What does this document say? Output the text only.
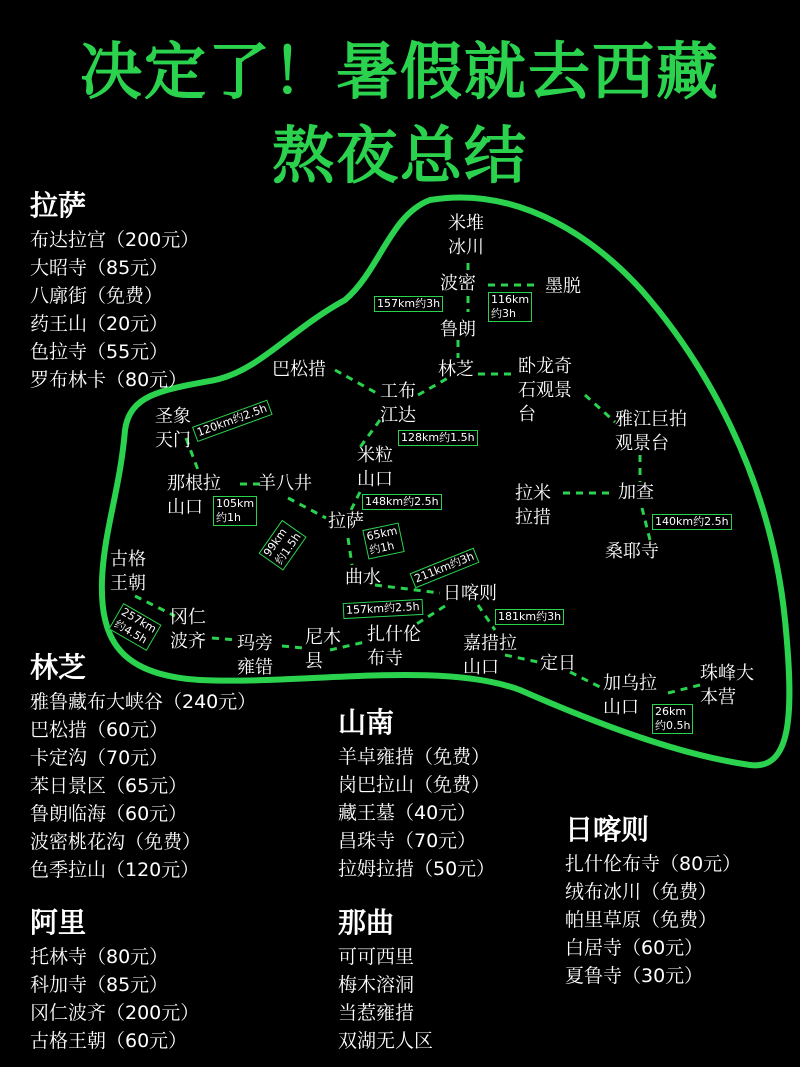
决定了！暑假就去西藏
熬夜总结
米堆
冰川
波密	墨脱
鲁朗
林芝
巴松措
工布
江达
卧龙奇
石观景
台	雅江巨拍
观景台
圣象
天门
米粒
山口
那根拉
山口
羊八井
拉萨
拉米
拉措
加查
桑耶寺
古格
王朝	曲水
日喀则
冈仁
波齐 玛旁
雍错
尼木
县
扎什伦
布寺
嘉措拉
山口	定日
加乌拉
山口
珠峰大
本营
157km约3h	116km
约3h
120km约2.5h	128km约1.5h
148km约2.5h
105km
约1h
99km
约1.5h	65km
约1h
211km约3h
140km约2.5h
257km
约4.5h
157km约2.5h	181km约3h
26km
约0.5h
拉萨
布达拉宫（200元）
大昭寺（85元）
八廓街（免费）
药王山（20元）
色拉寺（55元）
罗布林卡（80元）
林芝
雅鲁藏布大峡谷（240元）
巴松措（60元）
卡定沟（70元）
苯日景区（65元）
鲁朗临海（60元）
波密桃花沟（免费）
色季拉山（120元）
阿里
托林寺（80元）
科加寺（85元）
冈仁波齐（200元）
古格王朝（60元）
山南
羊卓雍措（免费）
岗巴拉山（免费）
藏王墓（40元）
昌珠寺（70元）
拉姆拉措（50元）
那曲
可可西里
梅木溶洞
当惹雍措
双湖无人区
日喀则
扎什伦布寺（80元）
绒布冰川（免费）
帕里草原（免费）
白居寺（60元）
夏鲁寺（30元）
